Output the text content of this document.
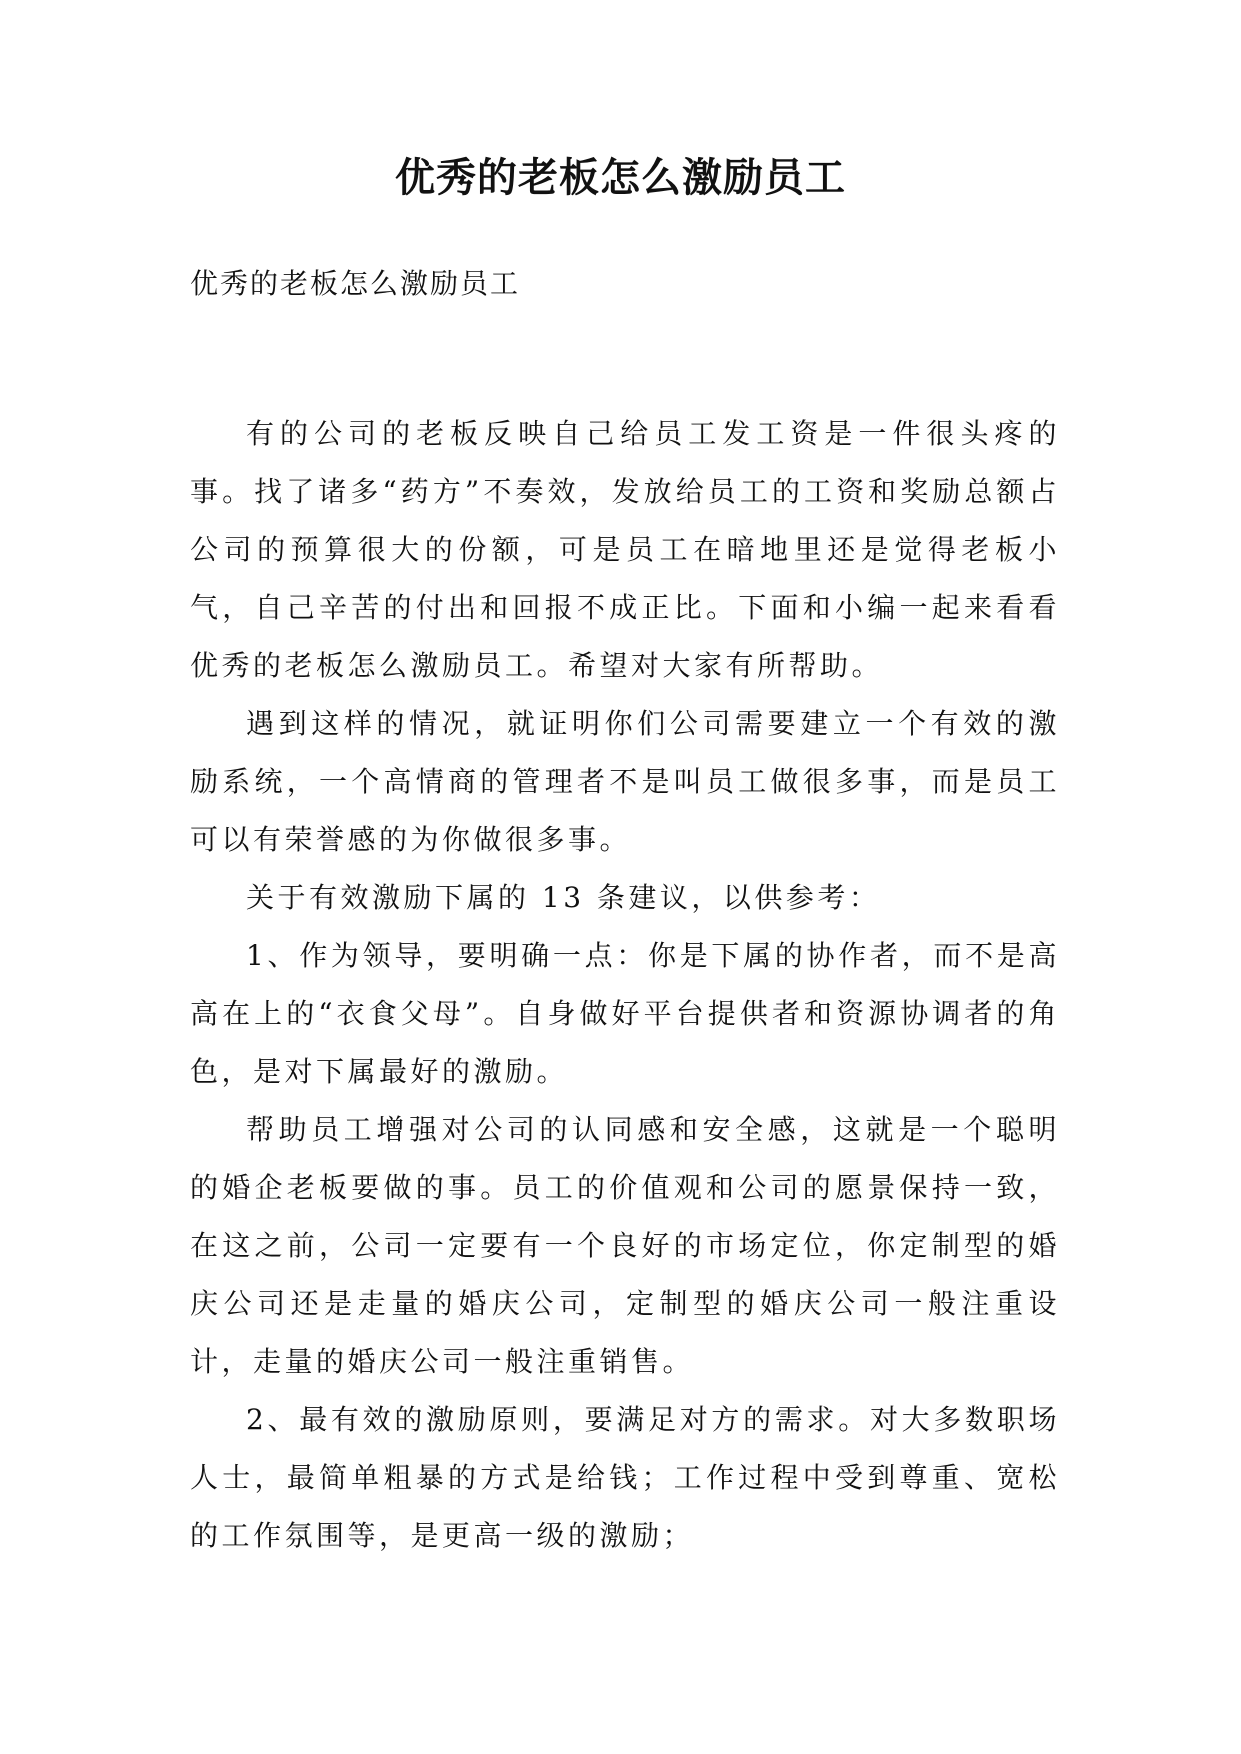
优秀的老板怎么激励员工
优秀的老板怎么激励员工

有的公司的老板反映自己给员工发工资是一件很头疼的事。找了诸多“药方”不奏效，发放给员工的工资和奖励总额占公司的预算很大的份额，可是员工在暗地里还是觉得老板小气，自己辛苦的付出和回报不成正比。下面和小编一起来看看优秀的老板怎么激励员工。希望对大家有所帮助。

遇到这样的情况，就证明你们公司需要建立一个有效的激励系统，一个高情商的管理者不是叫员工做很多事，而是员工可以有荣誉感的为你做很多事。

关于有效激励下属的 13 条建议，以供参考：

1、作为领导，要明确一点：你是下属的协作者，而不是高高在上的“衣食父母”。自身做好平台提供者和资源协调者的角色，是对下属最好的激励。

帮助员工增强对公司的认同感和安全感，这就是一个聪明的婚企老板要做的事。员工的价值观和公司的愿景保持一致，在这之前，公司一定要有一个良好的市场定位，你定制型的婚庆公司还是走量的婚庆公司，定制型的婚庆公司一般注重设计，走量的婚庆公司一般注重销售。

2、最有效的激励原则，要满足对方的需求。对大多数职场人士，最简单粗暴的方式是给钱；工作过程中受到尊重、宽松的工作氛围等，是更高一级的激励；
